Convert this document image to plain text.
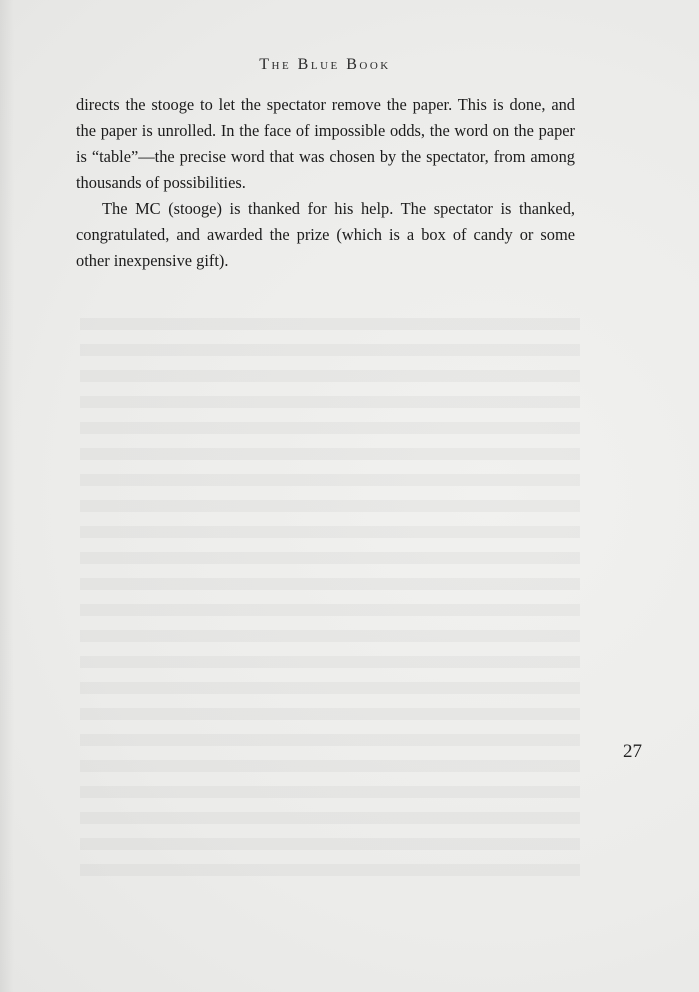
The Blue Book

directs the stooge to let the spectator remove the paper. This is done, and the paper is unrolled. In the face of impossible odds, the word on the paper is “table”—the precise word that was chosen by the spectator, from among thousands of possibilities.

The MC (stooge) is thanked for his help. The spectator is thanked, congratulated, and awarded the prize (which is a box of candy or some other inexpensive gift).

27
